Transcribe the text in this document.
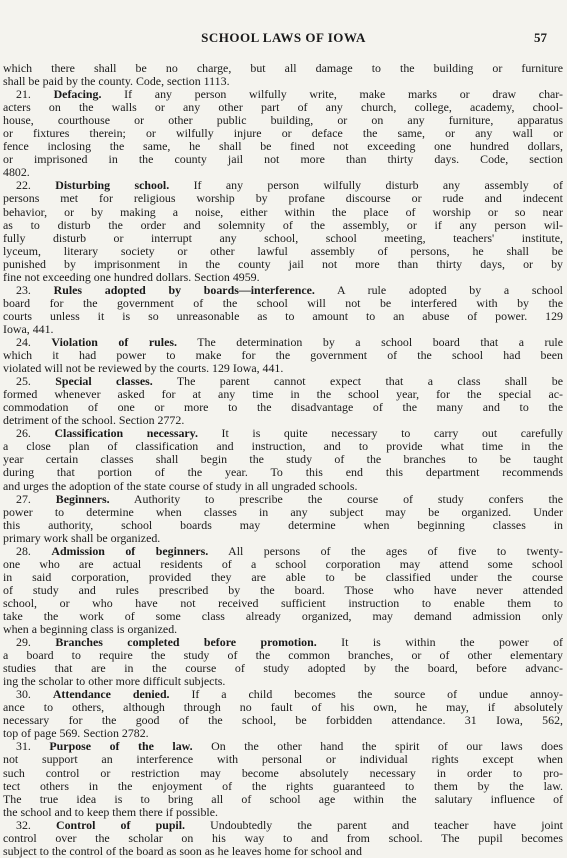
SCHOOL LAWS OF IOWA	57
which there shall be no charge, but all damage to the building or furniture
shall be paid by the county. Code, section 1113.
21. Defacing. If any person wilfully write, make marks or draw char-
acters on the walls or any other part of any church, college, academy, chool-
house, courthouse or other public building, or on any furniture, apparatus
or fixtures therein; or wilfully injure or deface the same, or any wall or
fence inclosing the same, he shall be fined not exceeding one hundred dollars,
or imprisoned in the county jail not more than thirty days. Code, section
4802.
22. Disturbing school. If any person wilfully disturb any assembly of
persons met for religious worship by profane discourse or rude and indecent
behavior, or by making a noise, either within the place of worship or so near
as to disturb the order and solemnity of the assembly, or if any person wil-
fully disturb or interrupt any school, school meeting, teachers' institute,
lyceum, literary society or other lawful assembly of persons, he shall be
punished by imprisonment in the county jail not more than thirty days, or by
fine not exceeding one hundred dollars. Section 4959.
23. Rules adopted by boards—interference. A rule adopted by a school
board for the government of the school will not be interfered with by the
courts unless it is so unreasonable as to amount to an abuse of power. 129
Iowa, 441.
24. Violation of rules. The determination by a school board that a rule
which it had power to make for the government of the school had been
violated will not be reviewed by the courts. 129 Iowa, 441.
25. Special classes. The parent cannot expect that a class shall be
formed whenever asked for at any time in the school year, for the special ac-
commodation of one or more to the disadvantage of the many and to the
detriment of the school. Section 2772.
26. Classification necessary. It is quite necessary to carry out carefully
a close plan of classification and instruction, and to provide what time in the
year certain classes shall begin the study of the branches to be taught
during that portion of the year. To this end this department recommends
and urges the adoption of the state course of study in all ungraded schools.
27. Beginners. Authority to prescribe the course of study confers the
power to determine when classes in any subject may be organized. Under
this authority, school boards may determine when beginning classes in
primary work shall be organized.
28. Admission of beginners. All persons of the ages of five to twenty-
one who are actual residents of a school corporation may attend some school
in said corporation, provided they are able to be classified under the course
of study and rules prescribed by the board. Those who have never attended
school, or who have not received sufficient instruction to enable them to
take the work of some class already organized, may demand admission only
when a beginning class is organized.
29. Branches completed before promotion. It is within the power of
a board to require the study of the common branches, or of other elementary
studies that are in the course of study adopted by the board, before advanc-
ing the scholar to other more difficult subjects.
30. Attendance denied. If a child becomes the source of undue annoy-
ance to others, although through no fault of his own, he may, if absolutely
necessary for the good of the school, be forbidden attendance. 31 Iowa, 562,
top of page 569. Section 2782.
31. Purpose of the law. On the other hand the spirit of our laws does
not support an interference with personal or individual rights except when
such control or restriction may become absolutely necessary in order to pro-
tect others in the enjoyment of the rights guaranteed to them by the law.
The true idea is to bring all of school age within the salutary influence of
the school and to keep them there if possible.
32. Control of pupil. Undoubtedly the parent and teacher have joint
control over the scholar on his way to and from school. The pupil becomes
subject to the control of the board as soon as he leaves home for school and
